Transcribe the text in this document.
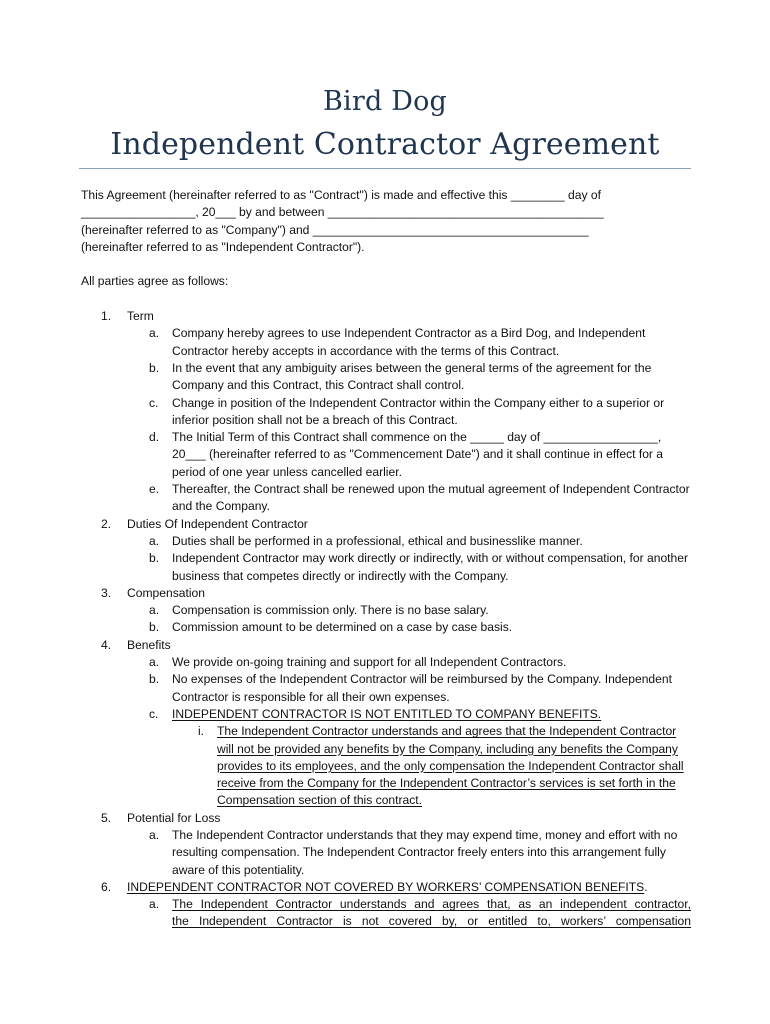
Bird Dog
Independent Contractor Agreement

This Agreement (hereinafter referred to as "Contract") is made and effective this ________ day of

_________________, 20___ by and between _________________________________________

(hereinafter referred to as "Company") and _________________________________________

(hereinafter referred to as "Independent Contractor").

All parties agree as follows:

1. Term
a. Company hereby agrees to use Independent Contractor as a Bird Dog, and Independent Contractor hereby accepts in accordance with the terms of this Contract.
b. In the event that any ambiguity arises between the general terms of the agreement for the Company and this Contract, this Contract shall control.
c. Change in position of the Independent Contractor within the Company either to a superior or inferior position shall not be a breach of this Contract.
d. The Initial Term of this Contract shall commence on the _____ day of _________________, 20___ (hereinafter referred to as "Commencement Date") and it shall continue in effect for a period of one year unless cancelled earlier.
e. Thereafter, the Contract shall be renewed upon the mutual agreement of Independent Contractor and the Company.
2. Duties Of Independent Contractor
a. Duties shall be performed in a professional, ethical and businesslike manner.
b. Independent Contractor may work directly or indirectly, with or without compensation, for another business that competes directly or indirectly with the Company.
3. Compensation
a. Compensation is commission only. There is no base salary.
b. Commission amount to be determined on a case by case basis.
4. Benefits
a. We provide on-going training and support for all Independent Contractors.
b. No expenses of the Independent Contractor will be reimbursed by the Company. Independent Contractor is responsible for all their own expenses.
c. INDEPENDENT CONTRACTOR IS NOT ENTITLED TO COMPANY BENEFITS.
i. The Independent Contractor understands and agrees that the Independent Contractor will not be provided any benefits by the Company, including any benefits the Company provides to its employees, and the only compensation the Independent Contractor shall receive from the Company for the Independent Contractor’s services is set forth in the Compensation section of this contract.
5. Potential for Loss
a. The Independent Contractor understands that they may expend time, money and effort with no resulting compensation. The Independent Contractor freely enters into this arrangement fully aware of this potentiality.
6. INDEPENDENT CONTRACTOR NOT COVERED BY WORKERS’ COMPENSATION BENEFITS.
a. The Independent Contractor understands and agrees that, as an independent contractor,
the Independent Contractor is not covered by, or entitled to, workers’ compensation
